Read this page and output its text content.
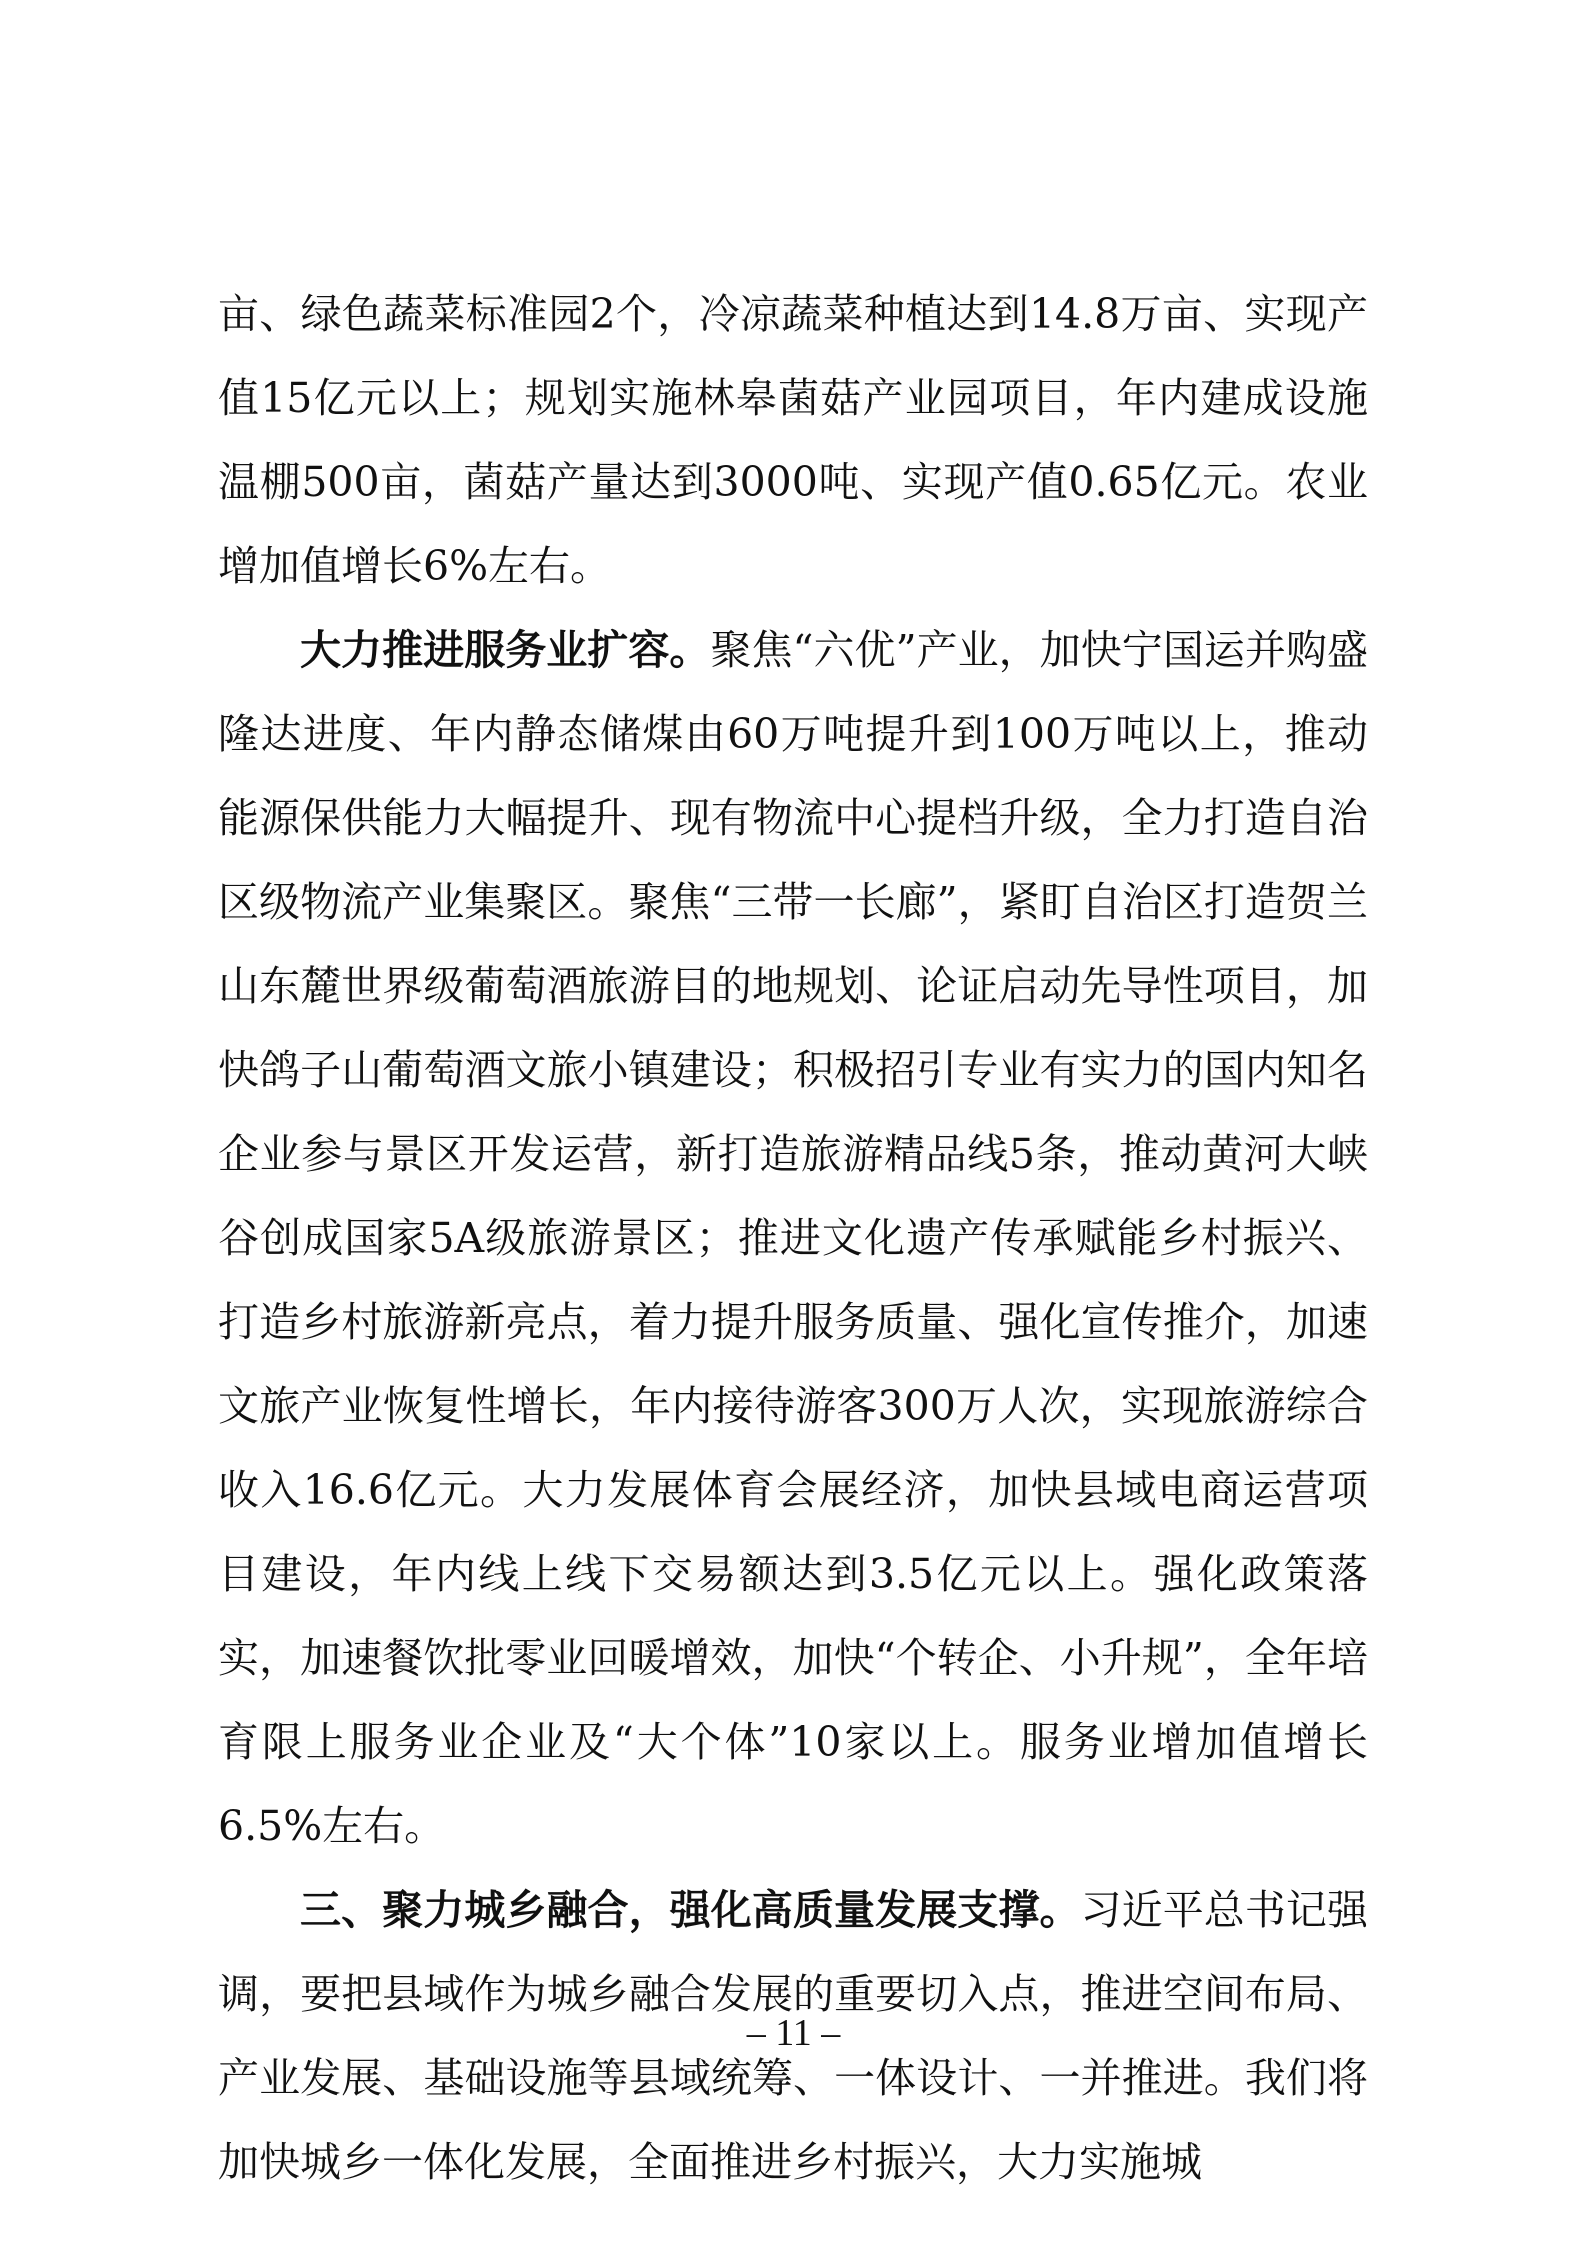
亩、绿色蔬菜标准园2个，冷凉蔬菜种植达到14.8万亩、实现产值15亿元以上；规划实施林皋菌菇产业园项目，年内建成设施温棚500亩，菌菇产量达到3000吨、实现产值0.65亿元。农业增加值增长6%左右。

大力推进服务业扩容。聚焦“六优”产业，加快宁国运并购盛隆达进度、年内静态储煤由60万吨提升到100万吨以上，推动能源保供能力大幅提升、现有物流中心提档升级，全力打造自治区级物流产业集聚区。聚焦“三带一长廊”，紧盯自治区打造贺兰山东麓世界级葡萄酒旅游目的地规划、论证启动先导性项目，加快鸽子山葡萄酒文旅小镇建设；积极招引专业有实力的国内知名企业参与景区开发运营，新打造旅游精品线5条，推动黄河大峡谷创成国家5A级旅游景区；推进文化遗产传承赋能乡村振兴、打造乡村旅游新亮点，着力提升服务质量、强化宣传推介，加速文旅产业恢复性增长，年内接待游客300万人次，实现旅游综合收入16.6亿元。大力发展体育会展经济，加快县域电商运营项目建设，年内线上线下交易额达到3.5亿元以上。强化政策落实，加速餐饮批零业回暖增效，加快“个转企、小升规”，全年培育限上服务业企业及“大个体”10家以上。服务业增加值增长6.5%左右。

三、聚力城乡融合，强化高质量发展支撑。习近平总书记强调，要把县域作为城乡融合发展的重要切入点，推进空间布局、产业发展、基础设施等县域统筹、一体设计、一并推进。我们将加快城乡一体化发展，全面推进乡村振兴，大力实施城

– 11 –
